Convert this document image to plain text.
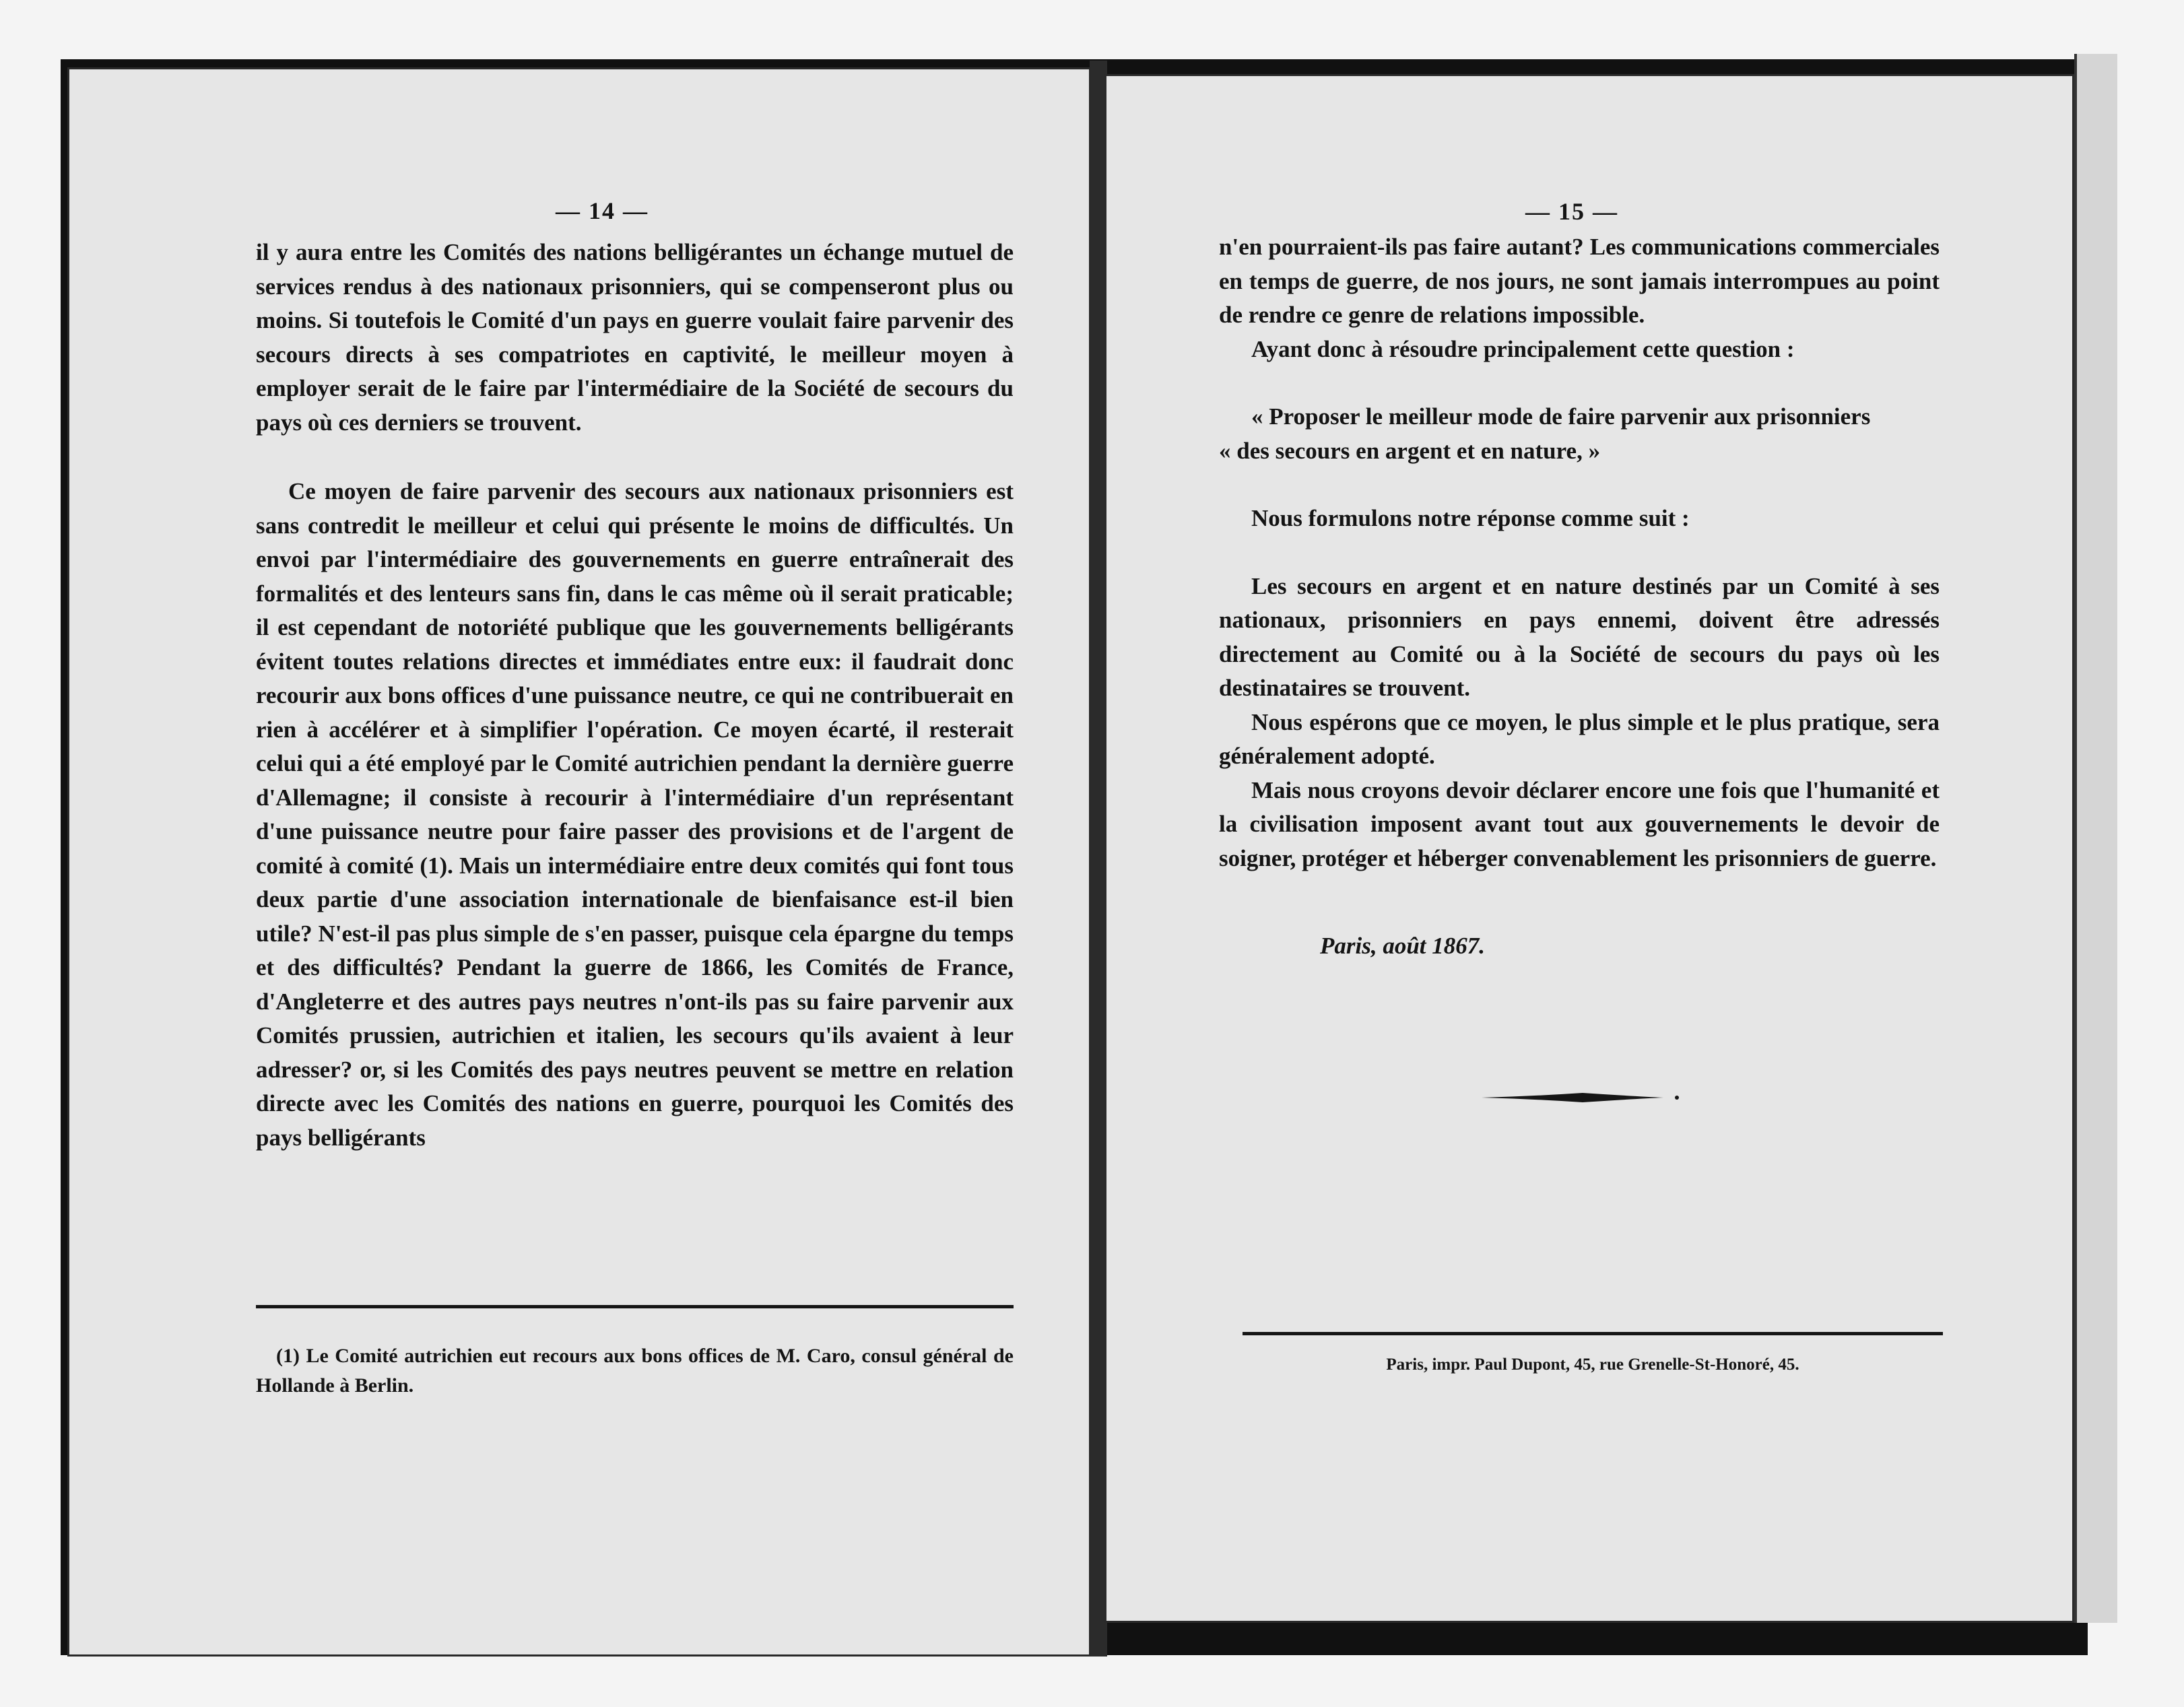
— 14 —

il y aura entre les Comités des nations belligérantes un échange mutuel de services rendus à des nationaux prisonniers, qui se compenseront plus ou moins. Si toutefois le Comité d'un pays en guerre voulait faire parvenir des secours directs à ses compatriotes en captivité, le meilleur moyen à employer serait de le faire par l'intermédiaire de la Société de secours du pays où ces derniers se trouvent.

Ce moyen de faire parvenir des secours aux nationaux prisonniers est sans contredit le meilleur et celui qui présente le moins de difficultés. Un envoi par l'intermédiaire des gouvernements en guerre entraînerait des formalités et des lenteurs sans fin, dans le cas même où il serait praticable; il est cependant de notoriété publique que les gouvernements belligérants évitent toutes relations directes et immédiates entre eux: il faudrait donc recourir aux bons offices d'une puissance neutre, ce qui ne contribuerait en rien à accélérer et à simplifier l'opération. Ce moyen écarté, il resterait celui qui a été employé par le Comité autrichien pendant la dernière guerre d'Allemagne; il consiste à recourir à l'intermédiaire d'un représentant d'une puissance neutre pour faire passer des provisions et de l'argent de comité à comité (1). Mais un intermédiaire entre deux comités qui font tous deux partie d'une association internationale de bienfaisance est-il bien utile? N'est-il pas plus simple de s'en passer, puisque cela épargne du temps et des difficultés? Pendant la guerre de 1866, les Comités de France, d'Angleterre et des autres pays neutres n'ont-ils pas su faire parvenir aux Comités prussien, autrichien et italien, les secours qu'ils avaient à leur adresser? or, si les Comités des pays neutres peuvent se mettre en relation directe avec les Comités des nations en guerre, pourquoi les Comités des pays belligérants

(1) Le Comité autrichien eut recours aux bons offices de M. Caro, consul général de Hollande à Berlin.
— 15 —

n'en pourraient-ils pas faire autant? Les communications commerciales en temps de guerre, de nos jours, ne sont jamais interrompues au point de rendre ce genre de relations impossible.

Ayant donc à résoudre principalement cette question :

« Proposer le meilleur mode de faire parvenir aux prisonniers

« des secours en argent et en nature, »

Nous formulons notre réponse comme suit :

Les secours en argent et en nature destinés par un Comité à ses nationaux, prisonniers en pays ennemi, doivent être adressés directement au Comité ou à la Société de secours du pays où les destinataires se trouvent.

Nous espérons que ce moyen, le plus simple et le plus pratique, sera généralement adopté.

Mais nous croyons devoir déclarer encore une fois que l'humanité et la civilisation imposent avant tout aux gouvernements le devoir de soigner, protéger et héberger convenablement les prisonniers de guerre.

Paris, août 1867.
Paris, impr. Paul Dupont, 45, rue Grenelle-St-Honoré, 45.
